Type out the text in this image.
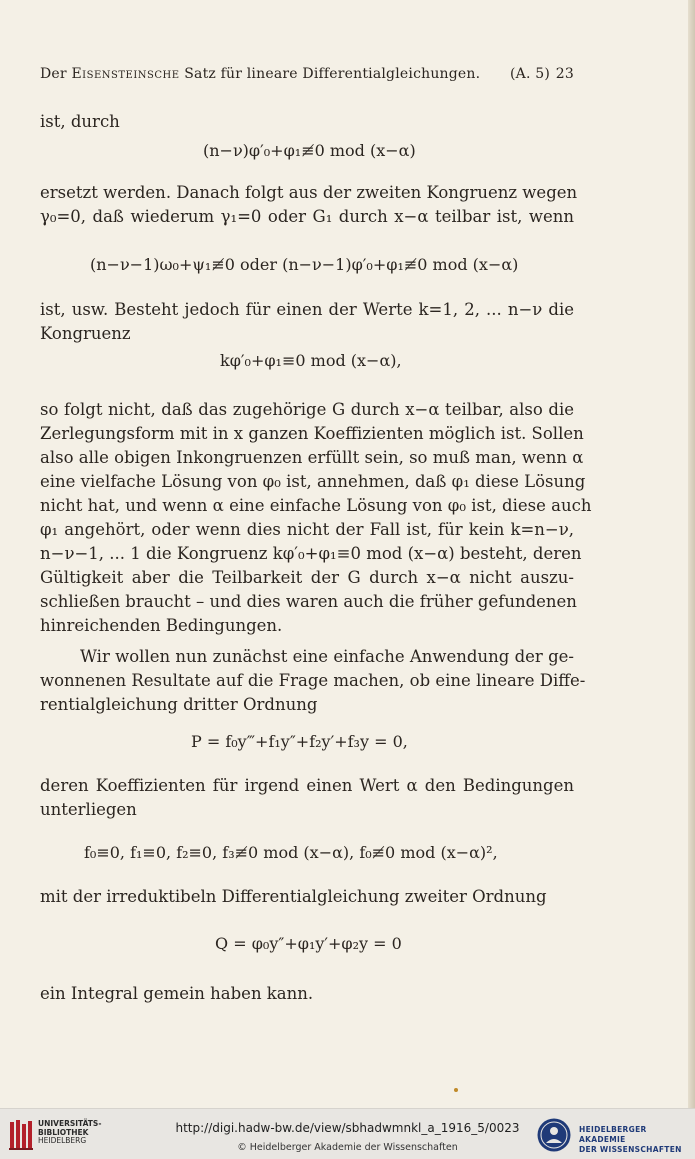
Der Eisensteinsche Satz für lineare Differentialgleichungen. (A. 5) 23
ist, durch
(n−ν)φ′₀+φ₁≢0 mod (x−α)
ersetzt werden. Danach folgt aus der zweiten Kongruenz wegen
γ₀=0, daß wiederum γ₁=0 oder G₁ durch x−α teilbar ist, wenn
(n−ν−1)ω₀+ψ₁≢0 oder (n−ν−1)φ′₀+φ₁≢0 mod (x−α)
ist, usw. Besteht jedoch für einen der Werte k=1, 2, ... n−ν die
Kongruenz
kφ′₀+φ₁≡0 mod (x−α),
so folgt nicht, daß das zugehörige G durch x−α teilbar, also die
Zerlegungsform mit in x ganzen Koeffizienten möglich ist. Sollen
also alle obigen Inkongruenzen erfüllt sein, so muß man, wenn α
eine vielfache Lösung von φ₀ ist, annehmen, daß φ₁ diese Lösung
nicht hat, und wenn α eine einfache Lösung von φ₀ ist, diese auch
φ₁ angehört, oder wenn dies nicht der Fall ist, für kein k=n−ν,
n−ν−1, ... 1 die Kongruenz kφ′₀+φ₁≡0 mod (x−α) besteht, deren
Gültigkeit aber die Teilbarkeit der G durch x−α nicht auszu-
schließen braucht – und dies waren auch die früher gefundenen
hinreichenden Bedingungen.
Wir wollen nun zunächst eine einfache Anwendung der ge-
wonnenen Resultate auf die Frage machen, ob eine lineare Diffe-
rentialgleichung dritter Ordnung
P = f₀y‴+f₁y″+f₂y′+f₃y = 0,
deren Koeffizienten für irgend einen Wert α den Bedingungen
unterliegen
f₀≡0, f₁≡0, f₂≡0, f₃≢0 mod (x−α), f₀≢0 mod (x−α)²,
mit der irreduktibeln Differentialgleichung zweiter Ordnung
Q = φ₀y″+φ₁y′+φ₂y = 0
ein Integral gemein haben kann.
UNIVERSITÄTS-
BIBLIOTHEK
HEIDELBERG
http://digi.hadw-bw.de/view/sbhadwmnkl_a_1916_5/0023
© Heidelberger Akademie der Wissenschaften
HEIDELBERGER AKADEMIE
DER WISSENSCHAFTEN
